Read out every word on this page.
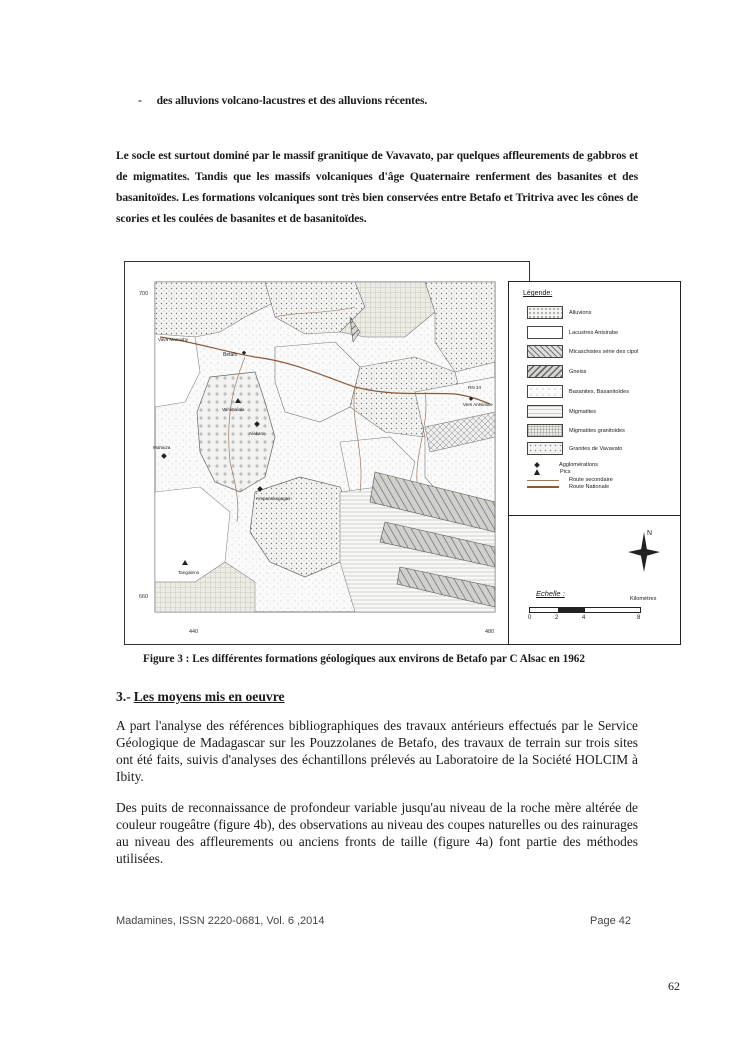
- des alluvions volcano-lacustres et des alluvions récentes.
Le socle est surtout dominé par le massif granitique de Vavavato, par quelques affleurements de gabbros et de migmatites. Tandis que les massifs volcaniques d'âge Quaternaire renferment des basanites et des basanitoïdes. Les formations volcaniques sont très bien conservées entre Betafo et Tritriva avec les cônes de scories et les coulées de basanites et de basanitoïdes.
700
660
440	480
Vava Mamiahy
Betafo
RN 34
Vers Antsirabe
Vohimalala
Alakara
Mahaiza
Ampanokagagas
Tangaleno
Légende:
Alluvions
Lacustres Antsirabe
Micaschistes série des cipol
Gneiss
Basanites, Basanitoïdes
Migmatites
Migmatites granitoides
Granites de Vavavato
Agglomérations
Pics
Route secondaire
Route Nationale
N
Echelle :
Kilomètres
0	2	4	8
Figure 3 : Les différentes formations géologiques aux environs de Betafo par C Alsac en 1962
3.- Les moyens mis en oeuvre
A part l'analyse des références bibliographiques des travaux antérieurs effectués par le Service Géologique de Madagascar sur les Pouzzolanes de Betafo, des travaux de terrain sur trois sites ont été faits, suivis d'analyses des échantillons prélevés au Laboratoire de la Société HOLCIM à Ibity.
Des puits de reconnaissance de profondeur variable jusqu'au niveau de la roche mère altérée de couleur rougeâtre (figure 4b), des observations au niveau des coupes naturelles ou des rainurages au niveau des affleurements ou anciens fronts de taille (figure 4a) font partie des méthodes utilisées.
Madamines, ISSN 2220-0681, Vol. 6 ,2014	Page 42
62
